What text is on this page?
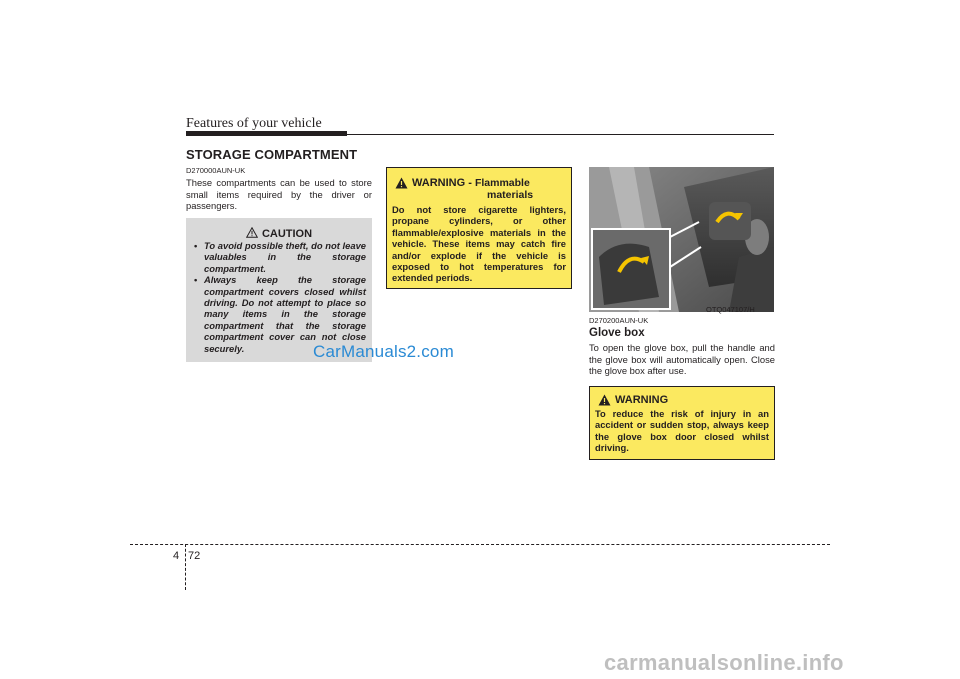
Features of your vehicle
STORAGE COMPARTMENT
D270000AUN-UK
These compartments can be used to store small items required by the driver or passengers.
CAUTION
• To avoid possible theft, do not leave valuables in the storage compartment.
• Always keep the storage compartment covers closed whilst driving. Do not attempt to place so many items in the storage compartment that the storage compartment cover can not close securely.
WARNING - Flammable
materials
Do not store cigarette lighters, propane cylinders, or other flammable/explosive materials in the vehicle. These items may catch fire and/or explode if the vehicle is exposed to hot temperatures for extended periods.
OTQ047107/H
D270200AUN-UK
Glove box
To open the glove box, pull the handle and the glove box will automatically open. Close the glove box after use.
WARNING
To reduce the risk of injury in an accident or sudden stop, always keep the glove box door closed whilst driving.
4 72
CarManuals2.com
carmanualsonline.info
